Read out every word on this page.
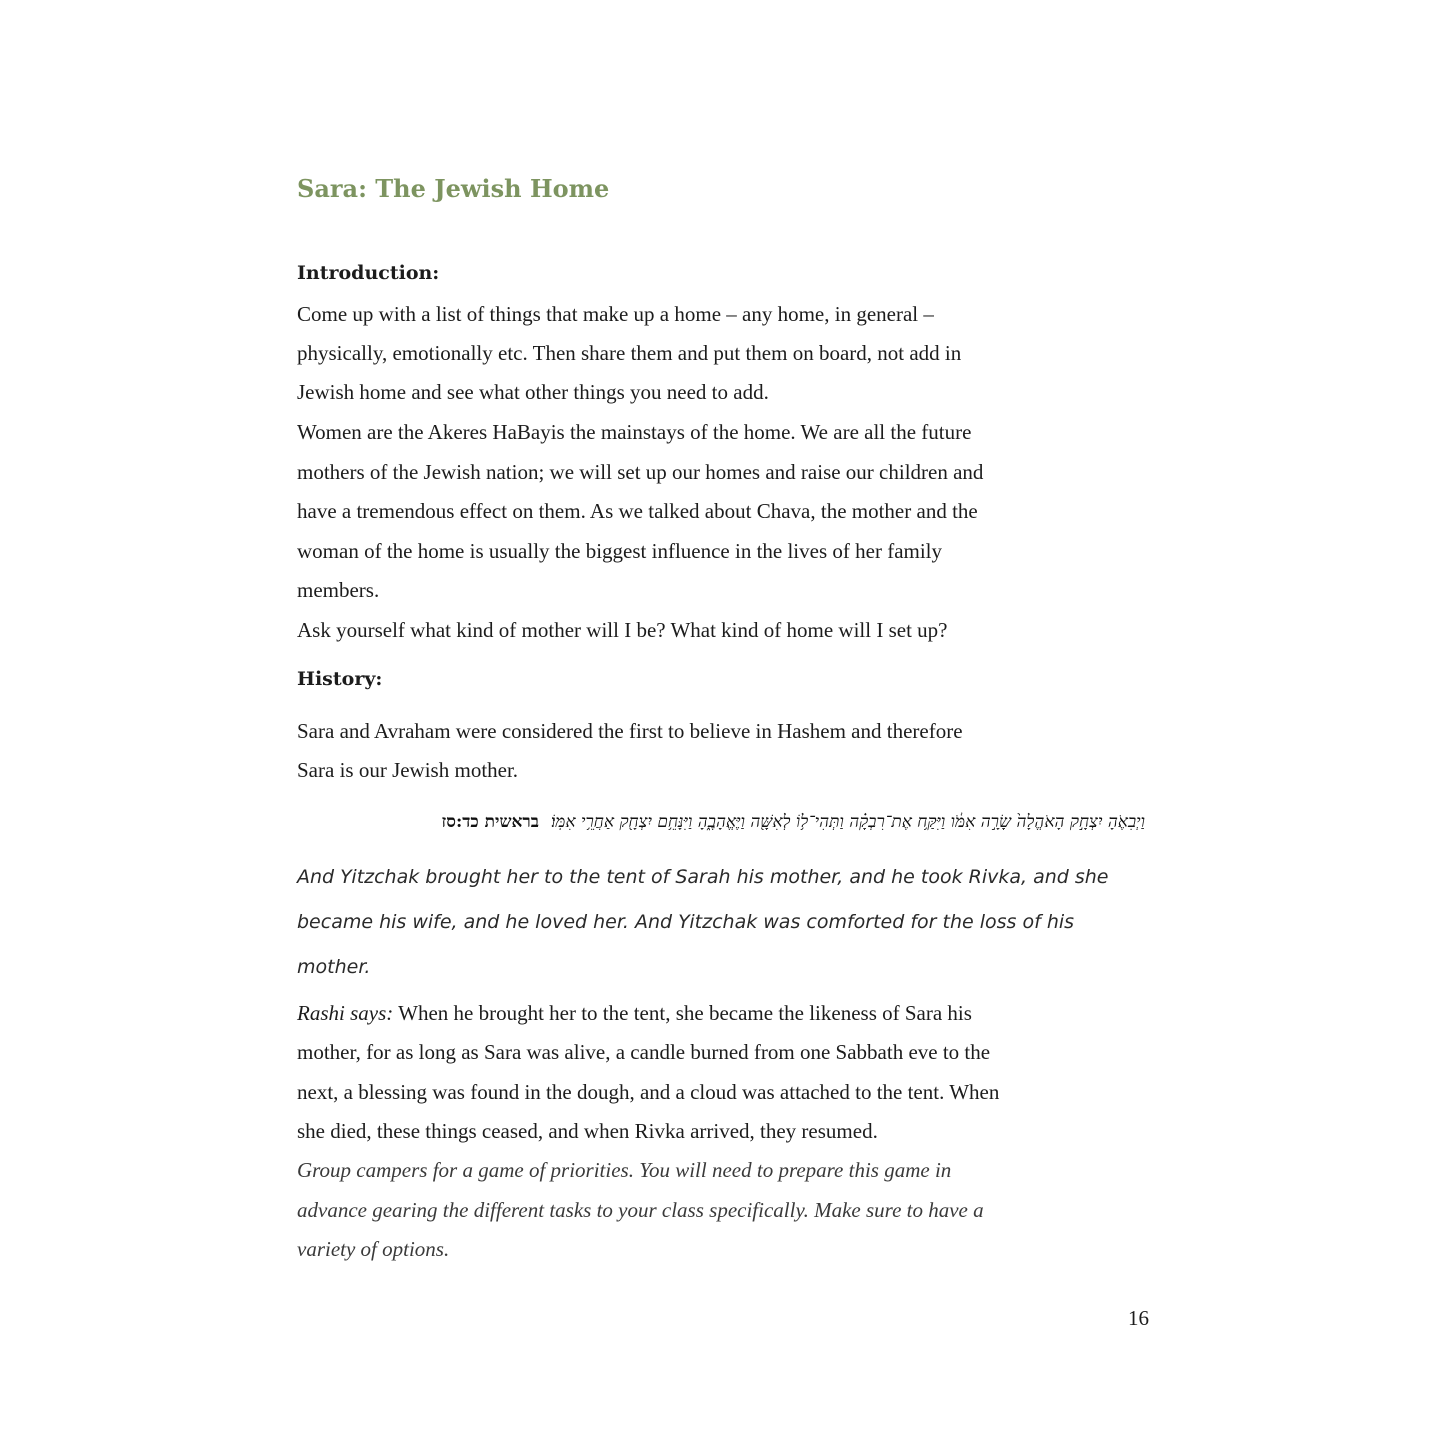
Sara: The Jewish Home
Introduction:
Come up with a list of things that make up a home – any home, in general –
physically, emotionally etc. Then share them and put them on board, not add in
Jewish home and see what other things you need to add.
Women are the Akeres HaBayis the mainstays of the home. We are all the future
mothers of the Jewish nation; we will set up our homes and raise our children and
have a tremendous effect on them. As we talked about Chava, the mother and the
woman of the home is usually the biggest influence in the lives of her family
members.
Ask yourself what kind of mother will I be? What kind of home will I set up?
History:
Sara and Avraham were considered the first to believe in Hashem and therefore
Sara is our Jewish mother.
וַיְבִאֶֹהָ יִצְחָ֣ק הָאֹהֱלָה֙ שָׂרָ֣ה אִמֹּ֔ו וַיִּקַּ֥ח אֶת־רִבְקָ֗ה וַתְּהִי־ל֥וֹ לְאִשָּׁ֖ה וַיֶּאֱהָבֶ֑הָ וַיִּנָּחֵ֥ם יִצְחָ֖ק אַחֲרֵ֥י אִמּֽוֹ׃בראשית כד:סז
And Yitzchak brought her to the tent of Sarah his mother, and he took Rivka, and she
became his wife, and he loved her. And Yitzchak was comforted for the loss of his
mother.
Rashi says: When he brought her to the tent, she became the likeness of Sara his
mother, for as long as Sara was alive, a candle burned from one Sabbath eve to the
next, a blessing was found in the dough, and a cloud was attached to the tent. When
she died, these things ceased, and when Rivka arrived, they resumed.
Group campers for a game of priorities. You will need to prepare this game in
advance gearing the different tasks to your class specifically. Make sure to have a
variety of options.
16
